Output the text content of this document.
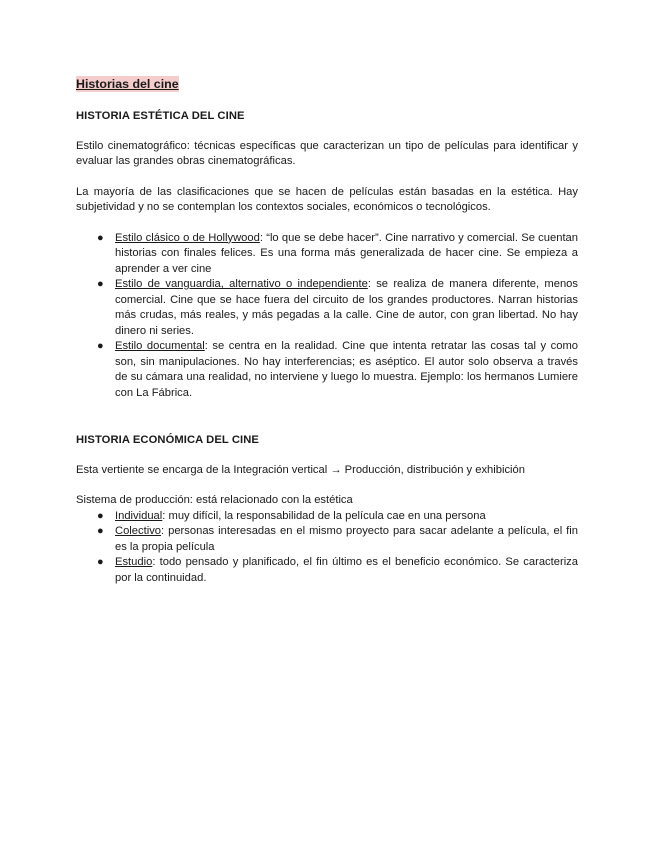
Historias del cine
HISTORIA ESTÉTICA DEL CINE

Estilo cinematográfico: técnicas específicas que caracterizan un tipo de películas para identificar y evaluar las grandes obras cinematográficas.

La mayoría de las clasificaciones que se hacen de películas están basadas en la estética. Hay subjetividad y no se contemplan los contextos sociales, económicos o tecnológicos.

● Estilo clásico o de Hollywood: “lo que se debe hacer”. Cine narrativo y comercial. Se cuentan historias con finales felices. Es una forma más generalizada de hacer cine. Se empieza a aprender a ver cine
● Estilo de vanguardia, alternativo o independiente: se realiza de manera diferente, menos comercial. Cine que se hace fuera del circuito de los grandes productores. Narran historias más crudas, más reales, y más pegadas a la calle. Cine de autor, con gran libertad. No hay dinero ni series.
● Estilo documental: se centra en la realidad. Cine que intenta retratar las cosas tal y como son, sin manipulaciones. No hay interferencias; es aséptico. El autor solo observa a través de su cámara una realidad, no interviene y luego lo muestra. Ejemplo: los hermanos Lumiere con La Fábrica.
HISTORIA ECONÓMICA DEL CINE

Esta vertiente se encarga de la Integración vertical → Producción, distribución y exhibición

Sistema de producción: está relacionado con la estética

● Individual: muy difícil, la responsabilidad de la película cae en una persona
● Colectivo: personas interesadas en el mismo proyecto para sacar adelante a película, el fin es la propia película
● Estudio: todo pensado y planificado, el fin último es el beneficio económico. Se caracteriza por la continuidad.
